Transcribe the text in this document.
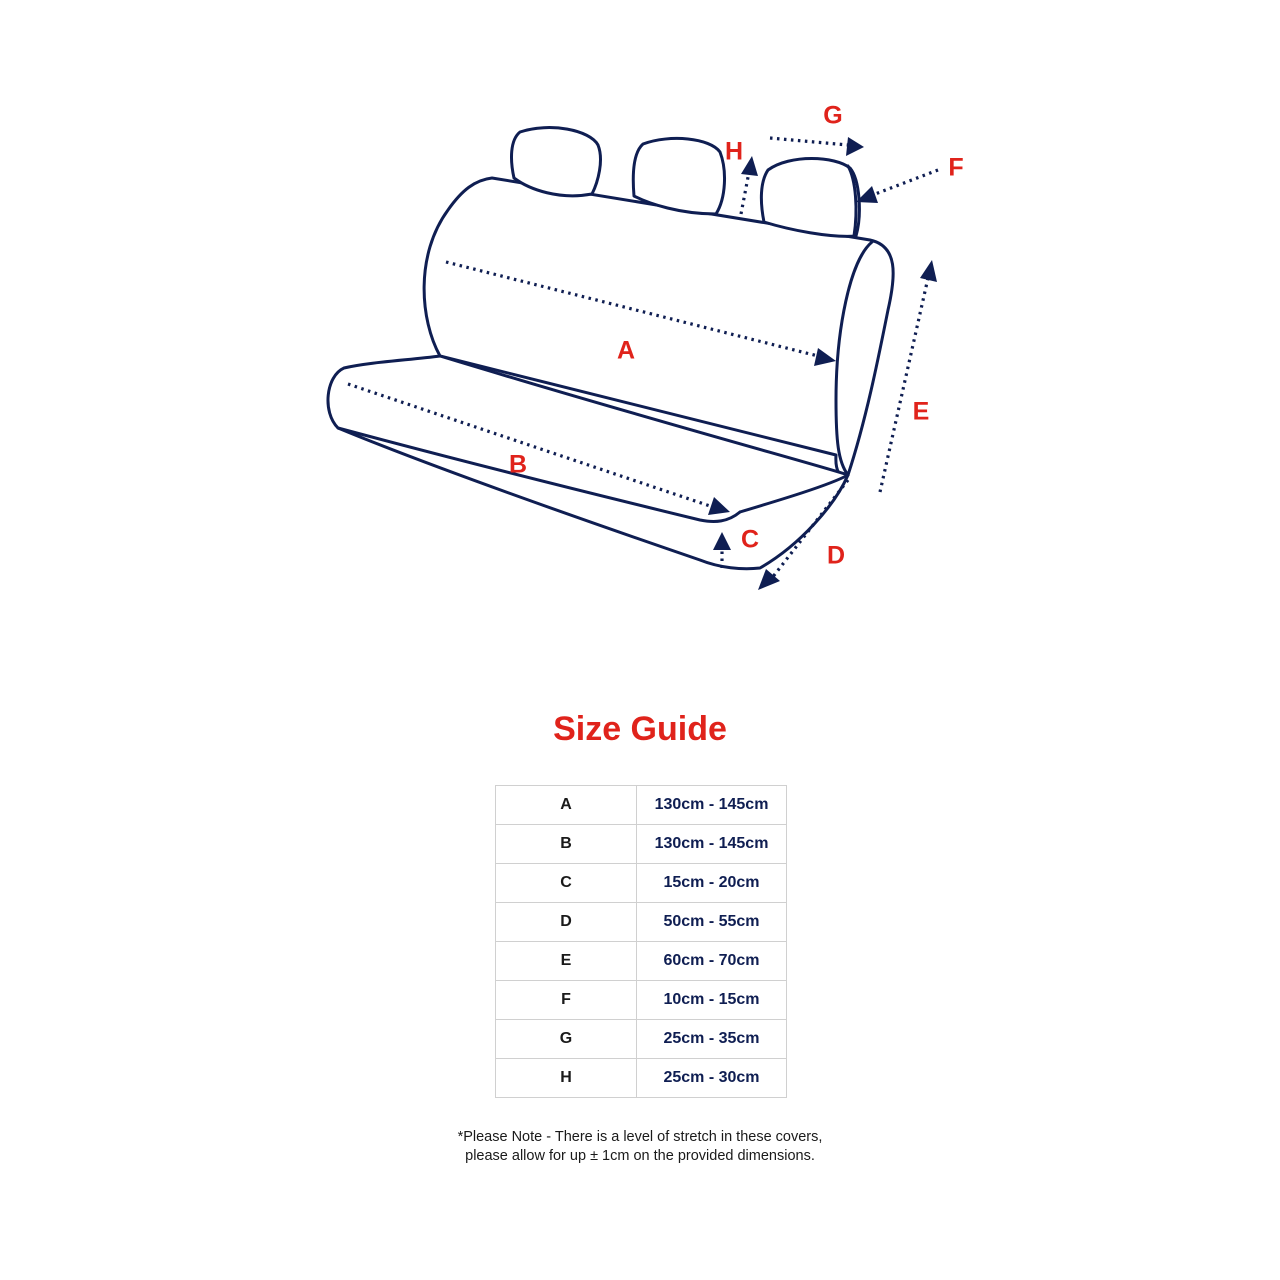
A
B
C
D
E
F
G
H
Size Guide
A	130cm - 145cm
B	130cm - 145cm
C	15cm - 20cm
D	50cm - 55cm
E	60cm - 70cm
F	10cm - 15cm
G	25cm - 35cm
H	25cm - 30cm
*Please Note - There is a level of stretch in these covers,
please allow for up ± 1cm on the provided dimensions.
